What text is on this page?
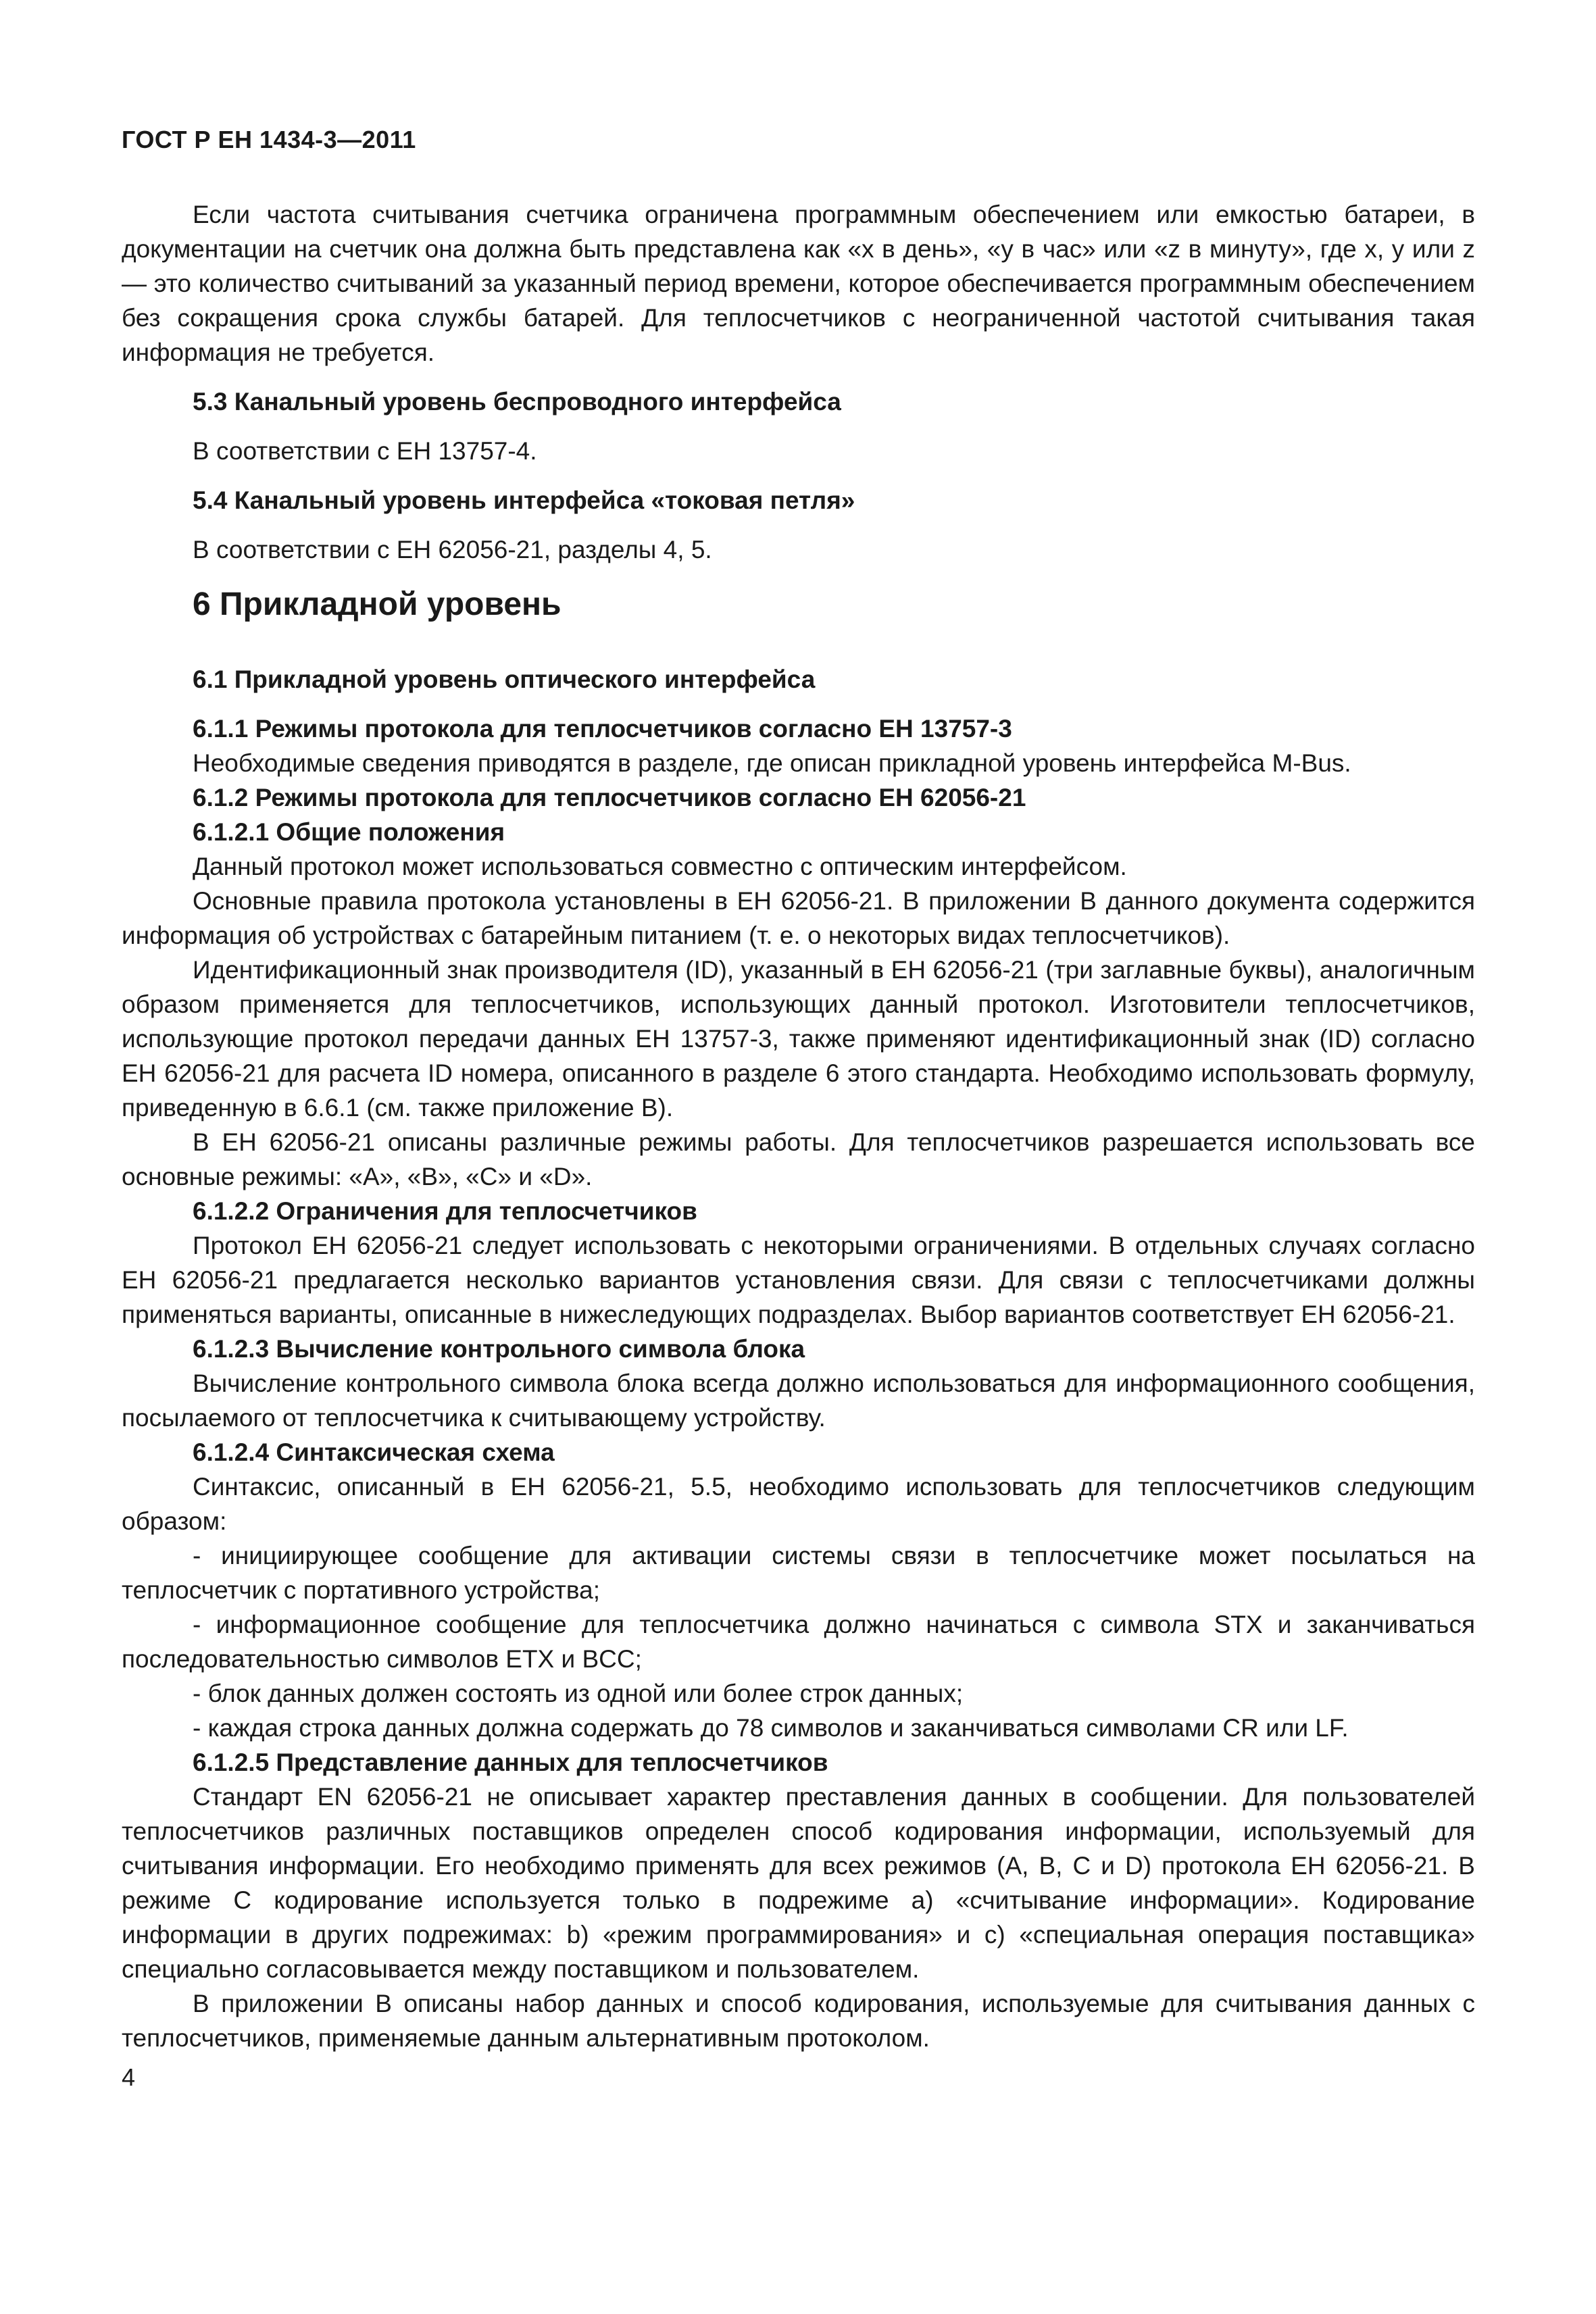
ГОСТ Р ЕН 1434-3—2011

Если частота считывания счетчика ограничена программным обеспечением или емкостью батареи, в документации на счетчик она должна быть представлена как «x в день», «y в час» или «z в минуту», где x, y или z — это количество считываний за указанный период времени, которое обеспечивается программным обеспечением без сокращения срока службы батарей. Для теплосчетчиков с неограниченной частотой считывания такая информация не требуется.

5.3 Канальный уровень беспроводного интерфейса

В соответствии с ЕН 13757-4.

5.4 Канальный уровень интерфейса «токовая петля»

В соответствии с ЕН 62056-21, разделы 4, 5.

6 Прикладной уровень

6.1 Прикладной уровень оптического интерфейса

6.1.1 Режимы протокола для теплосчетчиков согласно ЕН 13757-3

Необходимые сведения приводятся в разделе, где описан прикладной уровень интерфейса M-Bus.

6.1.2 Режимы протокола для теплосчетчиков согласно ЕН 62056-21

6.1.2.1 Общие положения

Данный протокол может использоваться совместно с оптическим интерфейсом.

Основные правила протокола установлены в ЕН 62056-21. В приложении В данного документа содержится информация об устройствах с батарейным питанием (т. е. о некоторых видах теплосчетчиков).

Идентификационный знак производителя (ID), указанный в ЕН 62056-21 (три заглавные буквы), аналогичным образом применяется для теплосчетчиков, использующих данный протокол. Изготовители теплосчетчиков, использующие протокол передачи данных ЕН 13757-3, также применяют идентификационный знак (ID) согласно ЕН 62056-21 для расчета ID номера, описанного в разделе 6 этого стандарта. Необходимо использовать формулу, приведенную в 6.6.1 (см. также приложение В).

В ЕН 62056-21 описаны различные режимы работы. Для теплосчетчиков разрешается использовать все основные режимы: «A», «B», «C» и «D».

6.1.2.2 Ограничения для теплосчетчиков

Протокол ЕН 62056-21 следует использовать с некоторыми ограничениями. В отдельных случаях согласно ЕН 62056-21 предлагается несколько вариантов установления связи. Для связи с теплосчетчиками должны применяться варианты, описанные в нижеследующих подразделах. Выбор вариантов соответствует ЕН 62056-21.

6.1.2.3 Вычисление контрольного символа блока

Вычисление контрольного символа блока всегда должно использоваться для информационного сообщения, посылаемого от теплосчетчика к считывающему устройству.

6.1.2.4 Синтаксическая схема

Синтаксис, описанный в ЕН 62056-21, 5.5, необходимо использовать для теплосчетчиков следующим образом:

- инициирующее сообщение для активации системы связи в теплосчетчике может посылаться на теплосчетчик с портативного устройства;

- информационное сообщение для теплосчетчика должно начинаться с символа STX и заканчиваться последовательностью символов ETX и BCC;

- блок данных должен состоять из одной или более строк данных;

- каждая строка данных должна содержать до 78 символов и заканчиваться символами CR или LF.

6.1.2.5 Представление данных для теплосчетчиков

Стандарт EN 62056-21 не описывает характер преставления данных в сообщении. Для пользователей теплосчетчиков различных поставщиков определен способ кодирования информации, используемый для считывания информации. Его необходимо применять для всех режимов (A, B, C и D) протокола ЕН 62056-21. В режиме C кодирование используется только в подрежиме а) «считывание информации». Кодирование информации в других подрежимах: b) «режим программирования» и c) «специальная операция поставщика» специально согласовывается между поставщиком и пользователем.

В приложении В описаны набор данных и способ кодирования, используемые для считывания данных с теплосчетчиков, применяемые данным альтернативным протоколом.

4
